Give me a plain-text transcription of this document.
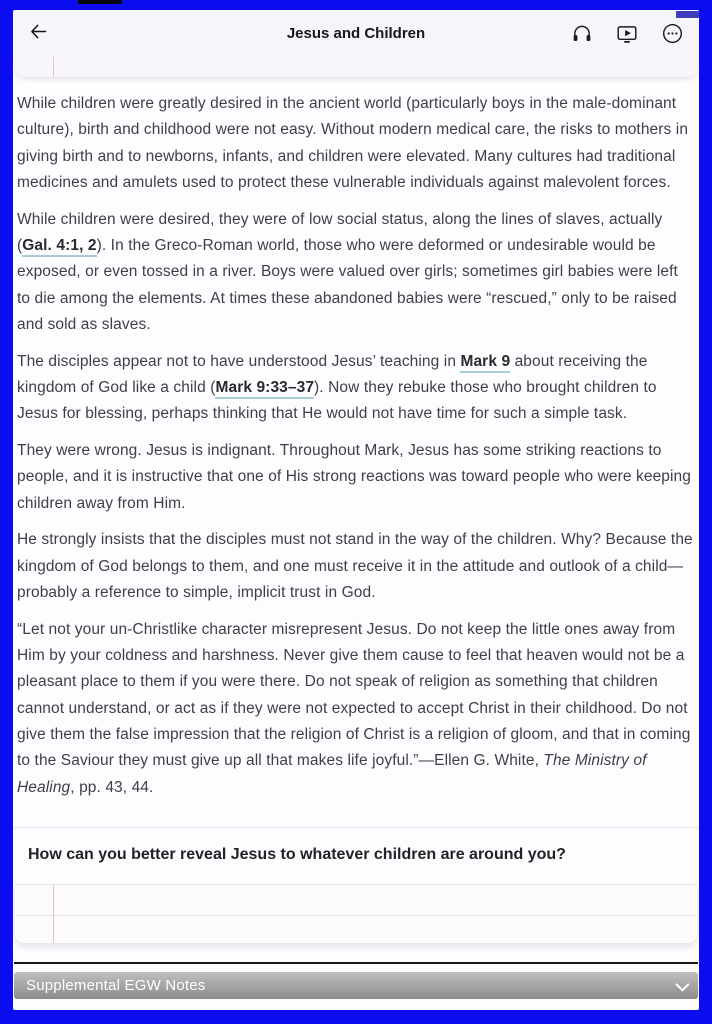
Jesus and Children

While children were greatly desired in the ancient world (particularly boys in the male-dominant culture), birth and childhood were not easy. Without modern medical care, the risks to mothers in giving birth and to newborns, infants, and children were elevated. Many cultures had traditional medicines and amulets used to protect these vulnerable individuals against malevolent forces.

While children were desired, they were of low social status, along the lines of slaves, actually (Gal. 4:1, 2). In the Greco-Roman world, those who were deformed or undesirable would be exposed, or even tossed in a river. Boys were valued over girls; sometimes girl babies were left to die among the elements. At times these abandoned babies were “rescued,” only to be raised and sold as slaves.

The disciples appear not to have understood Jesus’ teaching in Mark 9 about receiving the kingdom of God like a child (Mark 9:33–37). Now they rebuke those who brought children to Jesus for blessing, perhaps thinking that He would not have time for such a simple task.

They were wrong. Jesus is indignant. Throughout Mark, Jesus has some striking reactions to people, and it is instructive that one of His strong reactions was toward people who were keeping children away from Him.

He strongly insists that the disciples must not stand in the way of the children. Why? Because the kingdom of God belongs to them, and one must receive it in the attitude and outlook of a child—probably a reference to simple, implicit trust in God.

“Let not your un-Christlike character misrepresent Jesus. Do not keep the little ones away from Him by your coldness and harshness. Never give them cause to feel that heaven would not be a pleasant place to them if you were there. Do not speak of religion as something that children cannot understand, or act as if they were not expected to accept Christ in their childhood. Do not give them the false impression that the religion of Christ is a religion of gloom, and that in coming to the Saviour they must give up all that makes life joyful.”—Ellen G. White, The Ministry of Healing, pp. 43, 44.

How can you better reveal Jesus to whatever children are around you?

Supplemental EGW Notes
